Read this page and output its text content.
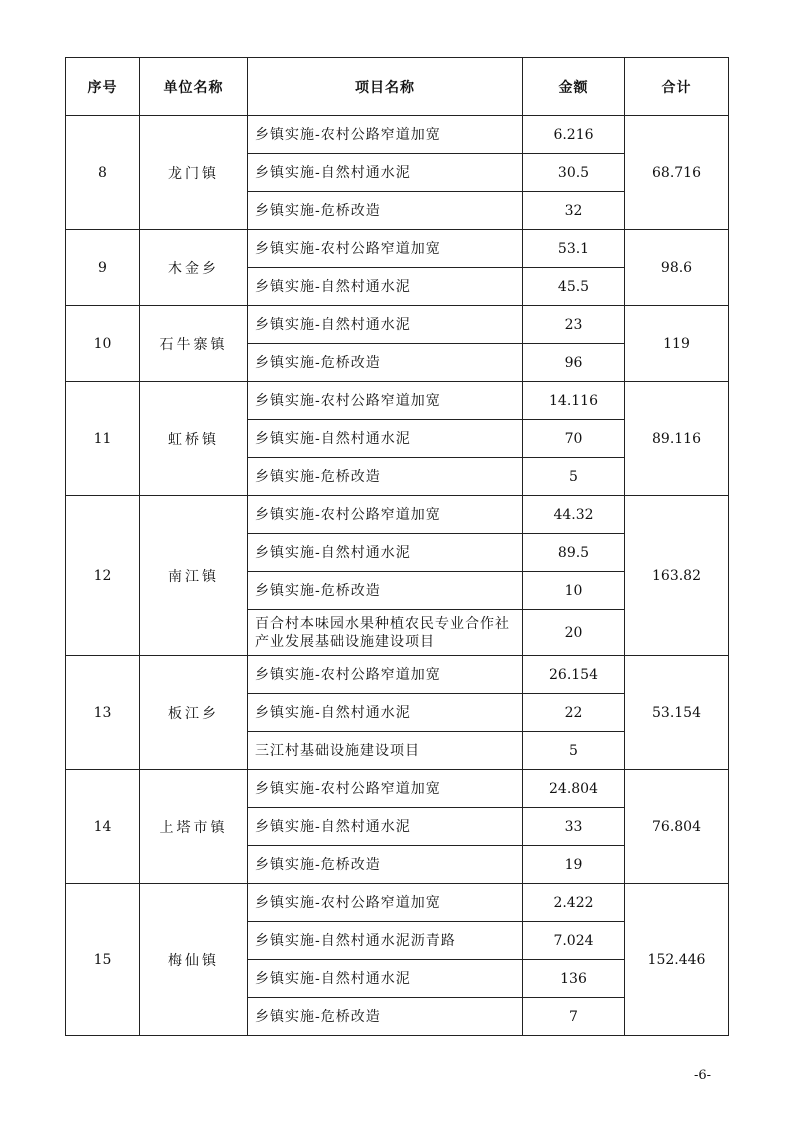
序号	单位名称	项目名称	金额	合计
8	龙门镇	乡镇实施-农村公路窄道加宽	6.216	68.716
		乡镇实施-自然村通水泥	30.5	
		乡镇实施-危桥改造	32	
9	木金乡	乡镇实施-农村公路窄道加宽	53.1	98.6
		乡镇实施-自然村通水泥	45.5	
10	石牛寨镇	乡镇实施-自然村通水泥	23	119
		乡镇实施-危桥改造	96	
11	虹桥镇	乡镇实施-农村公路窄道加宽	14.116	89.116
		乡镇实施-自然村通水泥	70	
		乡镇实施-危桥改造	5	
12	南江镇	乡镇实施-农村公路窄道加宽	44.32	163.82
		乡镇实施-自然村通水泥	89.5	
		乡镇实施-危桥改造	10	
		百合村本味园水果种植农民专业合作社产业发展基础设施建设项目	20	
13	板江乡	乡镇实施-农村公路窄道加宽	26.154	53.154
		乡镇实施-自然村通水泥	22	
		三江村基础设施建设项目	5	
14	上塔市镇	乡镇实施-农村公路窄道加宽	24.804	76.804
		乡镇实施-自然村通水泥	33	
		乡镇实施-危桥改造	19	
15	梅仙镇	乡镇实施-农村公路窄道加宽	2.422	152.446
		乡镇实施-自然村通水泥沥青路	7.024	
		乡镇实施-自然村通水泥	136	
		乡镇实施-危桥改造	7	
-6-
